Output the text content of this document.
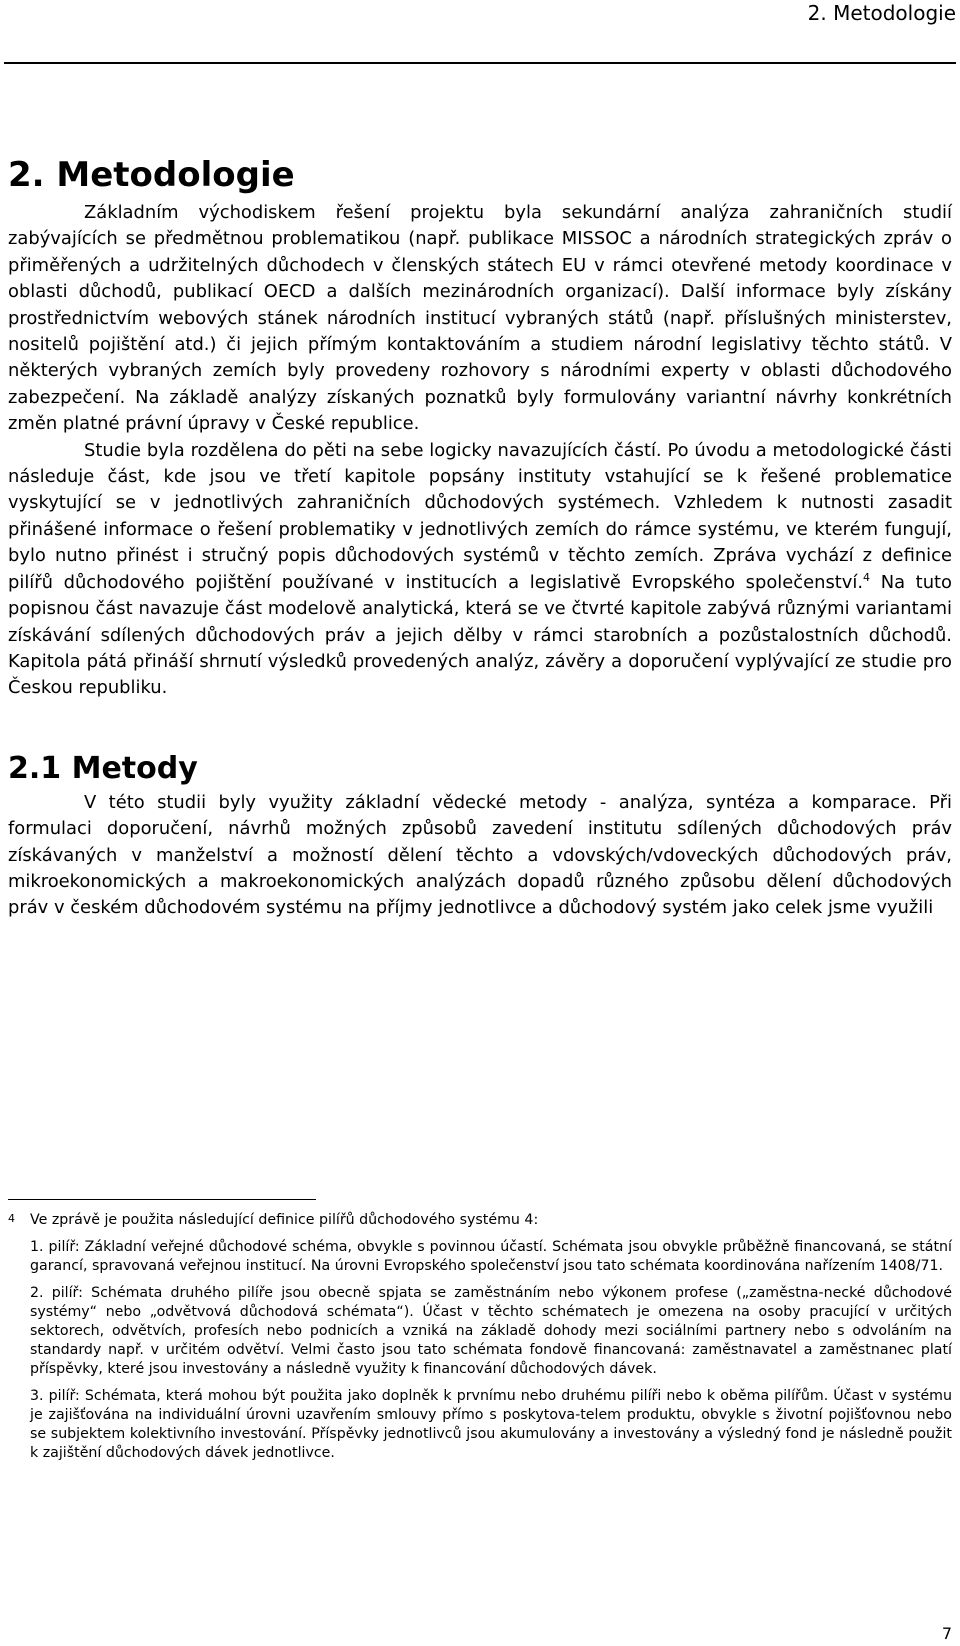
2. Metodologie
2. Metodologie

Základním východiskem řešení projektu byla sekundární analýza zahraničních studií zabývajících se předmětnou problematikou (např. publikace MISSOC a národních strategických zpráv o přiměřených a udržitelných důchodech v členských státech EU v rámci otevřené metody koordinace v oblasti důchodů, publikací OECD a dalších mezinárodních organizací). Další informace byly získány prostřednictvím webových stánek národních institucí vybraných států (např. příslušných ministerstev, nositelů pojištění atd.) či jejich přímým kontaktováním a studiem národní legislativy těchto států. V některých vybraných zemích byly provedeny rozhovory s národními experty v oblasti důchodového zabezpečení. Na základě analýzy získaných poznatků byly formulovány variantní návrhy konkrétních změn platné právní úpravy v České republice.

Studie byla rozdělena do pěti na sebe logicky navazujících částí. Po úvodu a metodologické části následuje část, kde jsou ve třetí kapitole popsány instituty vstahující se k řešené problematice vyskytující se v jednotlivých zahraničních důchodových systémech. Vzhledem k nutnosti zasadit přinášené informace o řešení problematiky v jednotlivých zemích do rámce systému, ve kterém fungují, bylo nutno přinést i stručný popis důchodových systémů v těchto zemích. Zpráva vychází z definice pilířů důchodového pojištění používané v institucích a legislativě Evropského společenství.$^4$ Na tuto popisnou část navazuje část modelově analytická, která se ve čtvrté kapitole zabývá různými variantami získávání sdílených důchodových práv a jejich dělby v rámci starobních a pozůstalostních důchodů. Kapitola pátá přináší shrnutí výsledků provedených analýz, závěry a doporučení vyplývající ze studie pro Českou republiku.

2.1 Metody

V této studii byly využity základní vědecké metody - analýza, syntéza a komparace. Při formulaci doporučení, návrhů možných způsobů zavedení institutu sdílených důchodových práv získávaných v manželství a možností dělení těchto a vdovských/vdoveckých důchodových práv, mikroekonomických a makroekonomických analýzách dopadů různého způsobu dělení důchodových práv v českém důchodovém systému na příjmy jednotlivce a důchodový systém jako celek jsme využili

4	Ve zprávě je použita následující definice pilířů důchodového systému 4:
1. pilíř: Základní veřejné důchodové schéma, obvykle s povinnou účastí. Schémata jsou obvykle průběžně financovaná, se státní garancí, spravovaná veřejnou institucí. Na úrovni Evropského společenství jsou tato schémata koordinována nařízením 1408/71.
2. pilíř: Schémata druhého pilíře jsou obecně spjata se zaměstnáním nebo výkonem profese („zaměstna-necké důchodové systémy“ nebo „odvětvová důchodová schémata“). Účast v těchto schématech je omezena na osoby pracující v určitých sektorech, odvětvích, profesích nebo podnicích a vzniká na základě dohody mezi sociálními partnery nebo s odvoláním na standardy např. v určitém odvětví. Velmi často jsou tato schémata fondově financovaná: zaměstnavatel a zaměstnanec platí příspěvky, které jsou investovány a následně využity k financování důchodových dávek.
3. pilíř: Schémata, která mohou být použita jako doplněk k prvnímu nebo druhému pilíři nebo k oběma pilířům. Účast v systému je zajišťována na individuální úrovni uzavřením smlouvy přímo s poskytova-telem produktu, obvykle s životní pojišťovnou nebo se subjektem kolektivního investování. Příspěvky jednotlivců jsou akumulovány a investovány a výsledný fond je následně použit k zajištění důchodových dávek jednotlivce.
7
